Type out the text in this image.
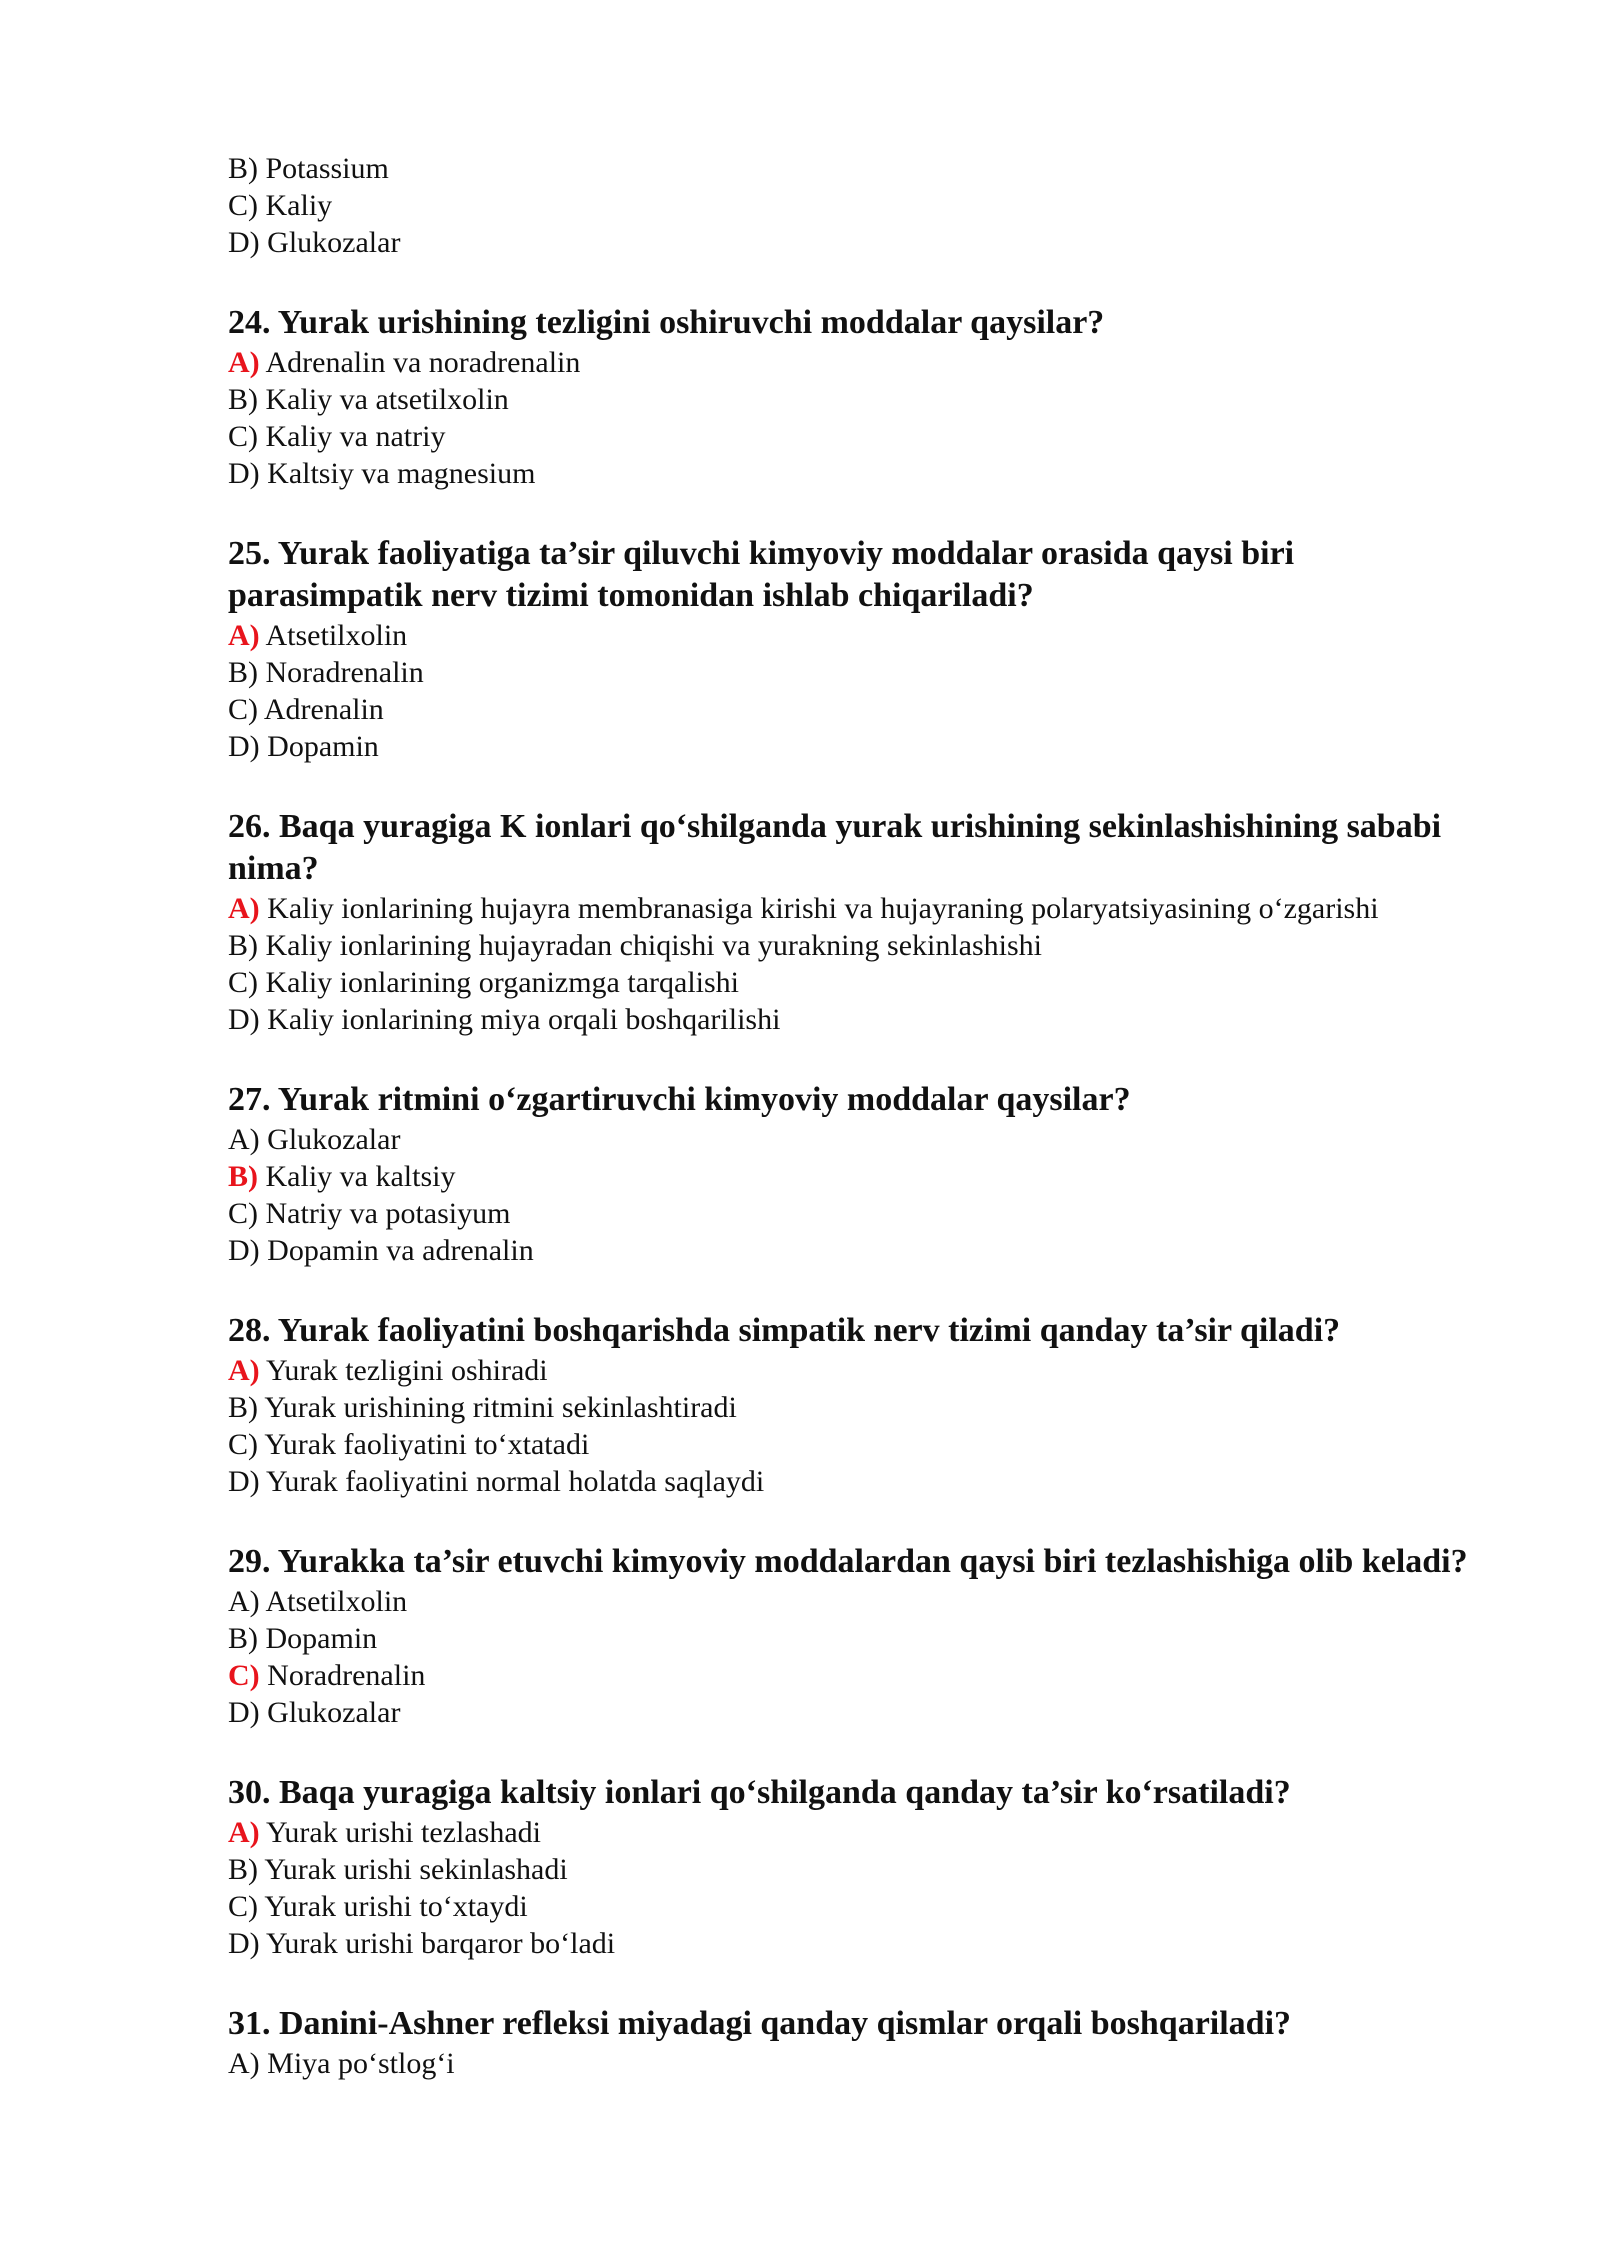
B) Potassium

C) Kaliy

D) Glukozalar

24. Yurak urishining tezligini oshiruvchi moddalar qaysilar?

A) Adrenalin va noradrenalin

B) Kaliy va atsetilxolin

C) Kaliy va natriy

D) Kaltsiy va magnesium

25. Yurak faoliyatiga ta’sir qiluvchi kimyoviy moddalar orasida qaysi biri parasimpatik nerv tizimi tomonidan ishlab chiqariladi?

A) Atsetilxolin

B) Noradrenalin

C) Adrenalin

D) Dopamin

26. Baqa yuragiga K ionlari qo‘shilganda yurak urishining sekinlashishining sababi nima?

A) Kaliy ionlarining hujayra membranasiga kirishi va hujayraning polaryatsiyasining o‘zgarishi

B) Kaliy ionlarining hujayradan chiqishi va yurakning sekinlashishi

C) Kaliy ionlarining organizmga tarqalishi

D) Kaliy ionlarining miya orqali boshqarilishi

27. Yurak ritmini o‘zgartiruvchi kimyoviy moddalar qaysilar?

A) Glukozalar

B) Kaliy va kaltsiy

C) Natriy va potasiyum

D) Dopamin va adrenalin

28. Yurak faoliyatini boshqarishda simpatik nerv tizimi qanday ta’sir qiladi?

A) Yurak tezligini oshiradi

B) Yurak urishining ritmini sekinlashtiradi

C) Yurak faoliyatini to‘xtatadi

D) Yurak faoliyatini normal holatda saqlaydi

29. Yurakka ta’sir etuvchi kimyoviy moddalardan qaysi biri tezlashishiga olib keladi?

A) Atsetilxolin

B) Dopamin

C) Noradrenalin

D) Glukozalar

30. Baqa yuragiga kaltsiy ionlari qo‘shilganda qanday ta’sir ko‘rsatiladi?

A) Yurak urishi tezlashadi

B) Yurak urishi sekinlashadi

C) Yurak urishi to‘xtaydi

D) Yurak urishi barqaror bo‘ladi

31. Danini-Ashner refleksi miyadagi qanday qismlar orqali boshqariladi?

A) Miya po‘stlog‘i
